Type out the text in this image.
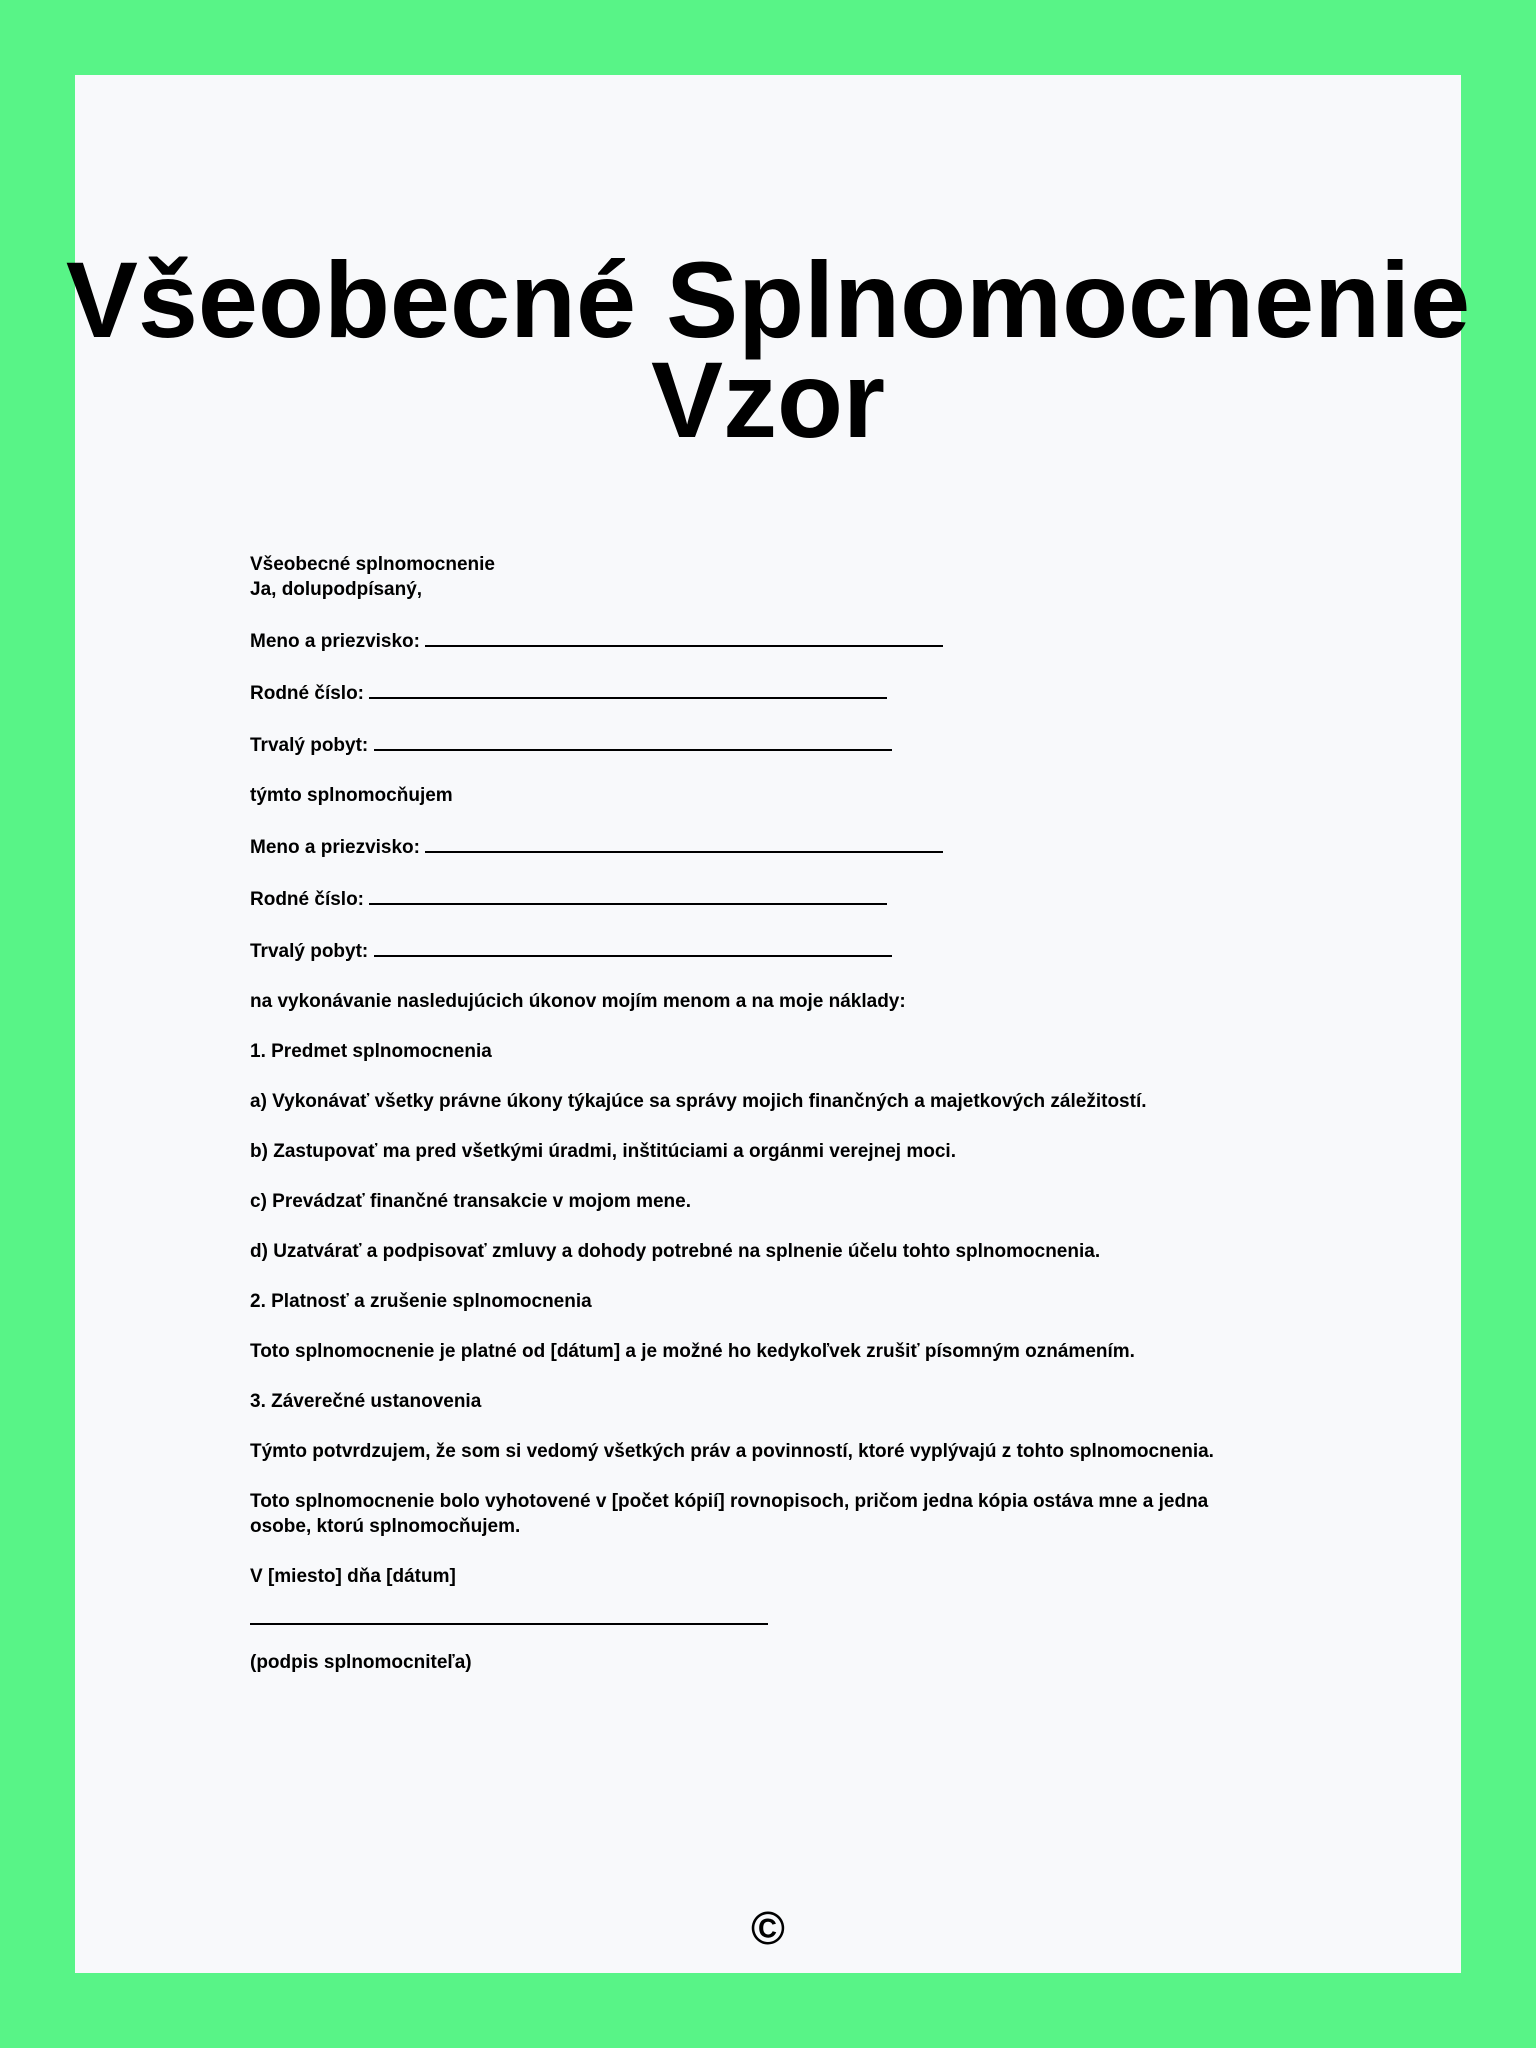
Všeobecné Splnomocnenie
Vzor

Všeobecné splnomocnenie

Ja, dolupodpísaný,

Meno a priezvisko:

Rodné číslo:

Trvalý pobyt:

týmto splnomocňujem

Meno a priezvisko:

Rodné číslo:

Trvalý pobyt:

na vykonávanie nasledujúcich úkonov mojím menom a na moje náklady:

1. Predmet splnomocnenia

a) Vykonávať všetky právne úkony týkajúce sa správy mojich finančných a majetkových záležitostí.

b) Zastupovať ma pred všetkými úradmi, inštitúciami a orgánmi verejnej moci.

c) Prevádzať finančné transakcie v mojom mene.

d) Uzatvárať a podpisovať zmluvy a dohody potrebné na splnenie účelu tohto splnomocnenia.

2. Platnosť a zrušenie splnomocnenia

Toto splnomocnenie je platné od [dátum] a je možné ho kedykoľvek zrušiť písomným oznámením.

3. Záverečné ustanovenia

Týmto potvrdzujem, že som si vedomý všetkých práv a povinností, ktoré vyplývajú z tohto splnomocnenia.

Toto splnomocnenie bolo vyhotovené v [počet kópií] rovnopisoch, pričom jedna kópia ostáva mne a jedna
osobe, ktorú splnomocňujem.

V [miesto] dňa [dátum]

(podpis splnomocniteľa)

©
